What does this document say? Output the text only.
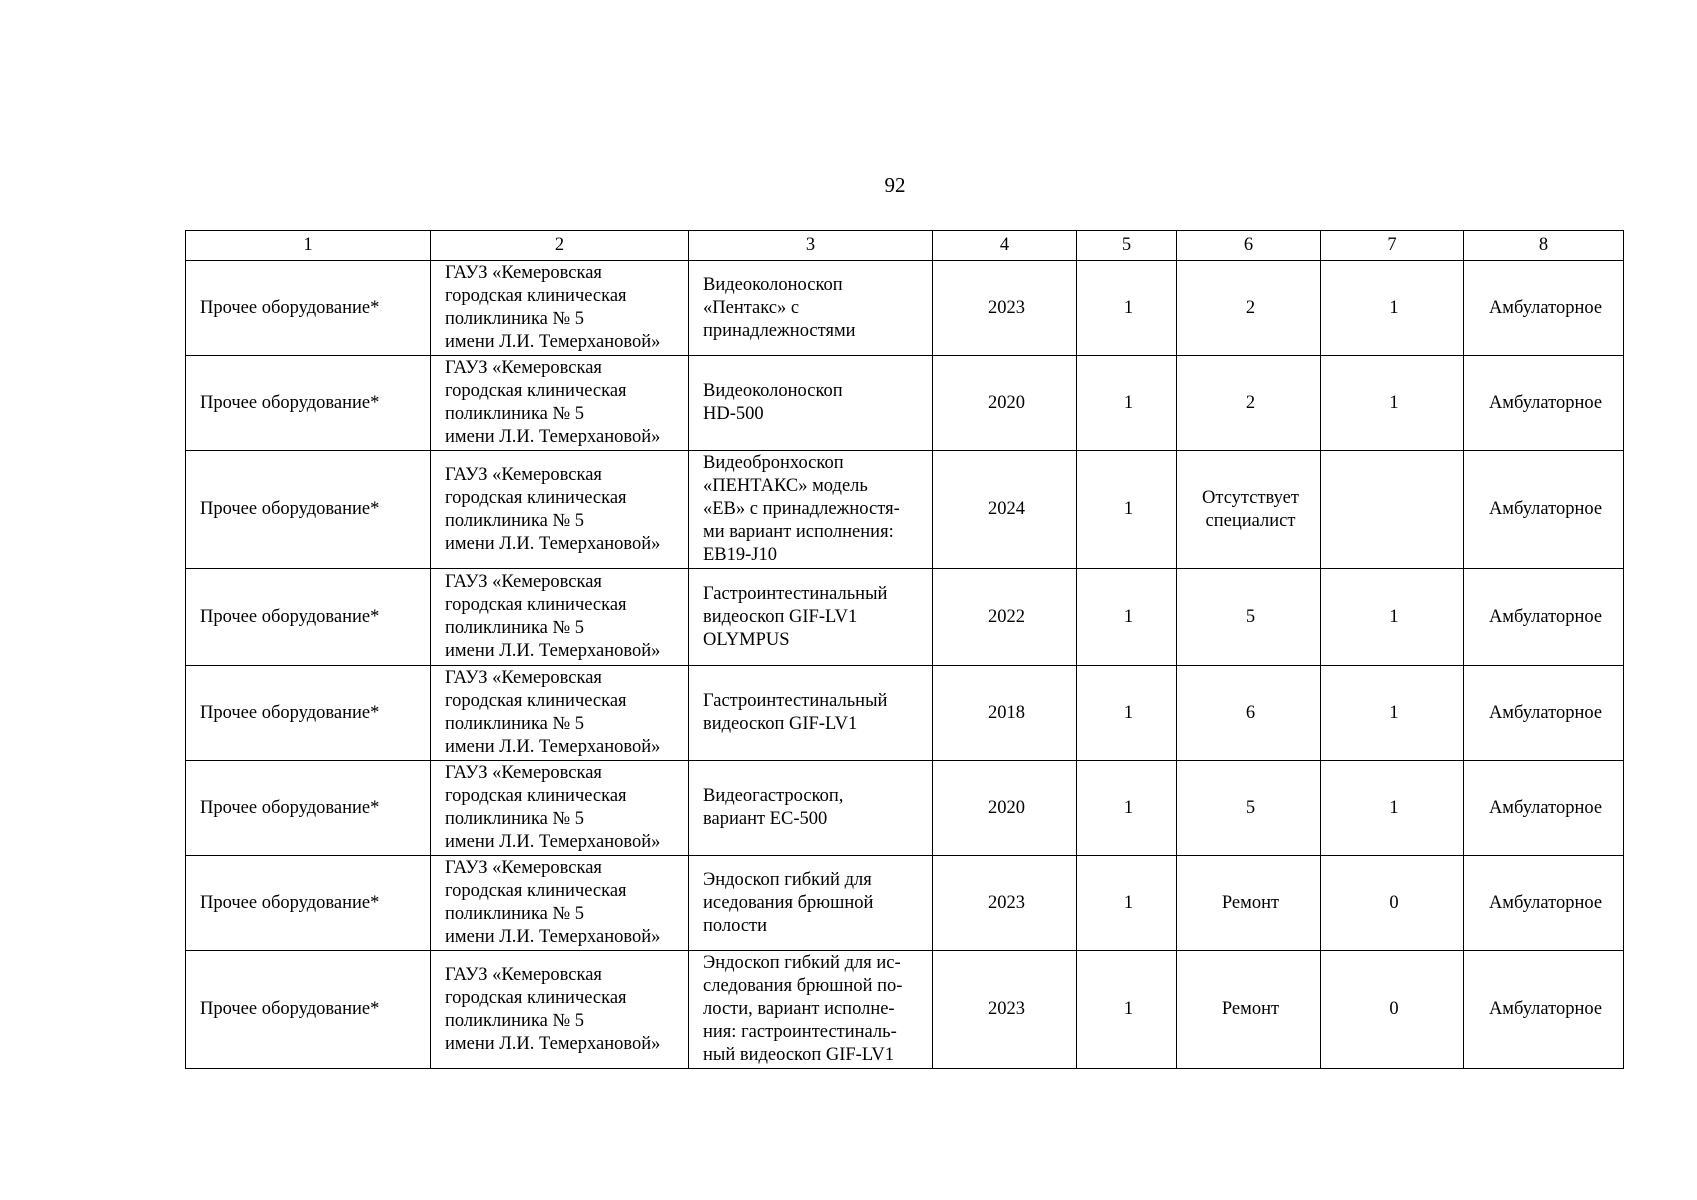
92
1	2	3	4	5	6	7	8

Прочее оборудование*	ГАУЗ «Кемеровская
городская клиническая
поликлиника № 5
имени Л.И. Темерхановой»	Видеоколоноскоп
«Пентакс» с
принадлежностями	2023	1	2	1	Амбулаторное

Прочее оборудование*	ГАУЗ «Кемеровская
городская клиническая
поликлиника № 5
имени Л.И. Темерхановой»	Видеоколоноскоп
HD-500	2020	1	2	1	Амбулаторное

Прочее оборудование*	ГАУЗ «Кемеровская
городская клиническая
поликлиника № 5
имени Л.И. Темерхановой»	Видеобронхоскоп
«ПЕНТАКС» модель
«ЕВ» с принадлежностя-
ми вариант исполнения:
EB19-J10	2024	1	Отсутствует
специалист		Амбулаторное

Прочее оборудование*	ГАУЗ «Кемеровская
городская клиническая
поликлиника № 5
имени Л.И. Темерхановой»	Гастроинтестинальный
видеоскоп GIF-LV1
OLYMPUS	2022	1	5	1	Амбулаторное

Прочее оборудование*	ГАУЗ «Кемеровская
городская клиническая
поликлиника № 5
имени Л.И. Темерхановой»	Гастроинтестинальный
видеоскоп GIF-LV1	2018	1	6	1	Амбулаторное

Прочее оборудование*	ГАУЗ «Кемеровская
городская клиническая
поликлиника № 5
имени Л.И. Темерхановой»	Видеогастроскоп,
вариант ЕС-500	2020	1	5	1	Амбулаторное

Прочее оборудование*	ГАУЗ «Кемеровская
городская клиническая
поликлиника № 5
имени Л.И. Темерхановой»	Эндоскоп гибкий для
иседования брюшной
полости	2023	1	Ремонт	0	Амбулаторное

Прочее оборудование*	ГАУЗ «Кемеровская
городская клиническая
поликлиника № 5
имени Л.И. Темерхановой»	Эндоскоп гибкий для ис-
следования брюшной по-
лости, вариант исполне-
ния: гастроинтестиналь-
ный видеоскоп GIF-LV1	2023	1	Ремонт	0	Амбулаторное
